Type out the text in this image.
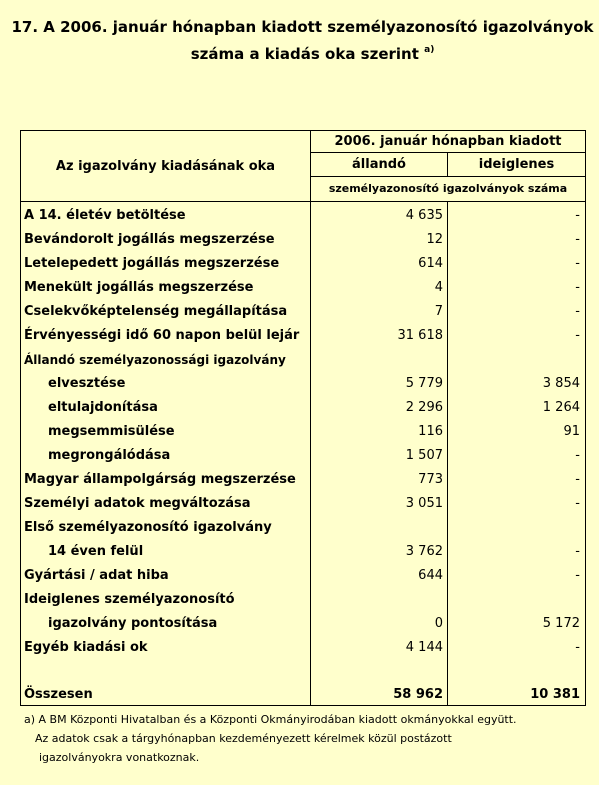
17. A 2006. január hónapban kiadott személyazonosító igazolványok
száma a kiadás oka szerint $^{a)}$
Az igazolvány kiadásának oka
2006. január hónapban kiadott
állandó	ideiglenes
személyazonosító igazolványok száma
A 14. életév betöltése	4 635	-
Bevándorolt jogállás megszerzése	12	-
Letelepedett jogállás megszerzése	614	-
Menekült jogállás megszerzése	4	-
Cselekvőképtelenség megállapítása	7	-
Érvényességi idő 60 napon belül lejár	31 618	-
Állandó személyazonossági igazolvány
elvesztése	5 779	3 854
eltulajdonítása	2 296	1 264
megsemmisülése	116	91
megrongálódása	1 507	-
Magyar állampolgárság megszerzése	773	-
Személyi adatok megváltozása	3 051	-
Első személyazonosító igazolvány
14 éven felül	3 762	-
Gyártási / adat hiba	644	-
Ideiglenes személyazonosító
igazolvány pontosítása	0	5 172
Egyéb kiadási ok	4 144	-
Összesen	58 962	10 381
a) A BM Központi Hivatalban és a Központi Okmányirodában kiadott okmányokkal együtt.
Az adatok csak a tárgyhónapban kezdeményezett kérelmek közül postázott
igazolványokra vonatkoznak.
